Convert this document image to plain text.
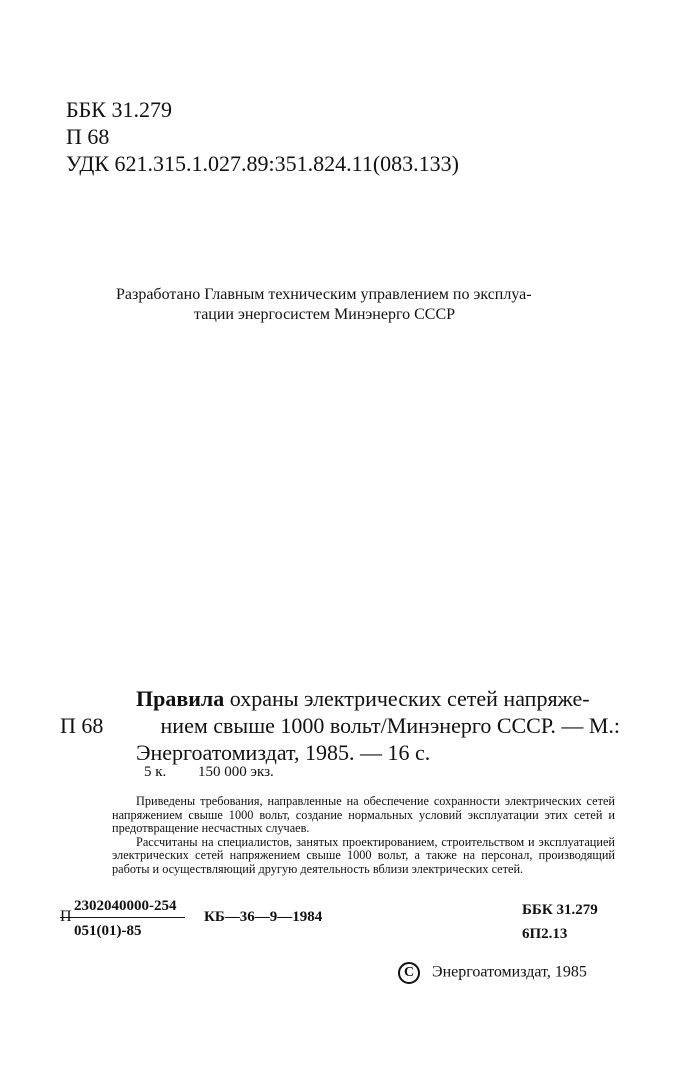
ББК 31.279
П 68
УДК 621.315.1.027.89:351.824.11(083.133)
Разработано Главным техническим управлением по эксплуа-
тации энергосистем Минэнерго СССР
Правила охраны электрических сетей напряже-
П 68	нием свыше 1000 вольт/Минэнерго СССР. — М.:
Энергоатомиздат, 1985. — 16 с.
5 к. 150 000 экз.

Приведены требования, направленные на обеспечение сохранности электрических сетей напряжением свыше 1000 вольт, создание нормальных условий эксплуатации этих сетей и предотвращение несчастных случаев.

Рассчитаны на специалистов, занятых проектированием, строительством и эксплуатацией электрических сетей напряжением свыше 1000 вольт, а также на персонал, производящий работы и осуществляющий другую деятельность вблизи электрических сетей.

П
$\frac{2302040000-254}{051(01)-85}$ КБ—36—9—1984	ББК 31.279
6П2.13
C Энергоатомиздат, 1985
